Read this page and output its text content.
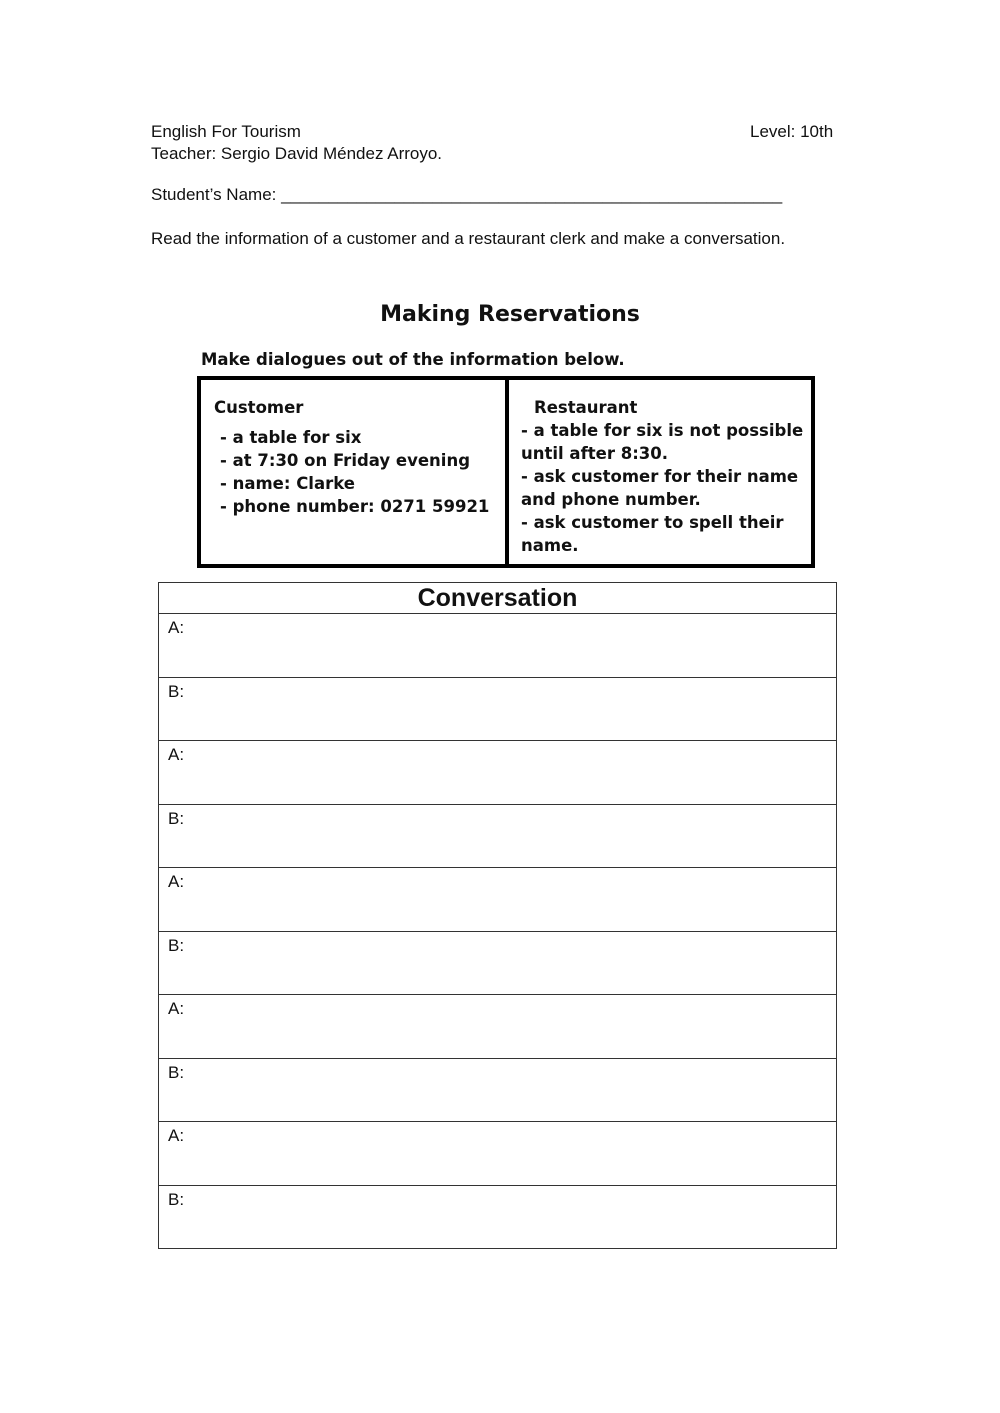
English For Tourism	Level: 10th
Teacher: Sergio David Méndez Arroyo.
Student’s Name: _____________________________________________________
Read the information of a customer and a restaurant clerk and make a conversation.
Making Reservations
Make dialogues out of the information below.
Customer
- a table for six
- at 7:30 on Friday evening
- name: Clarke
- phone number: 0271 59921
Restaurant
- a table for six is not possible until after 8:30.
- ask customer for their name and phone number.
- ask customer to spell their name.
Conversation
A:
B:
A:
B:
A:
B:
A:
B:
A:
B:
